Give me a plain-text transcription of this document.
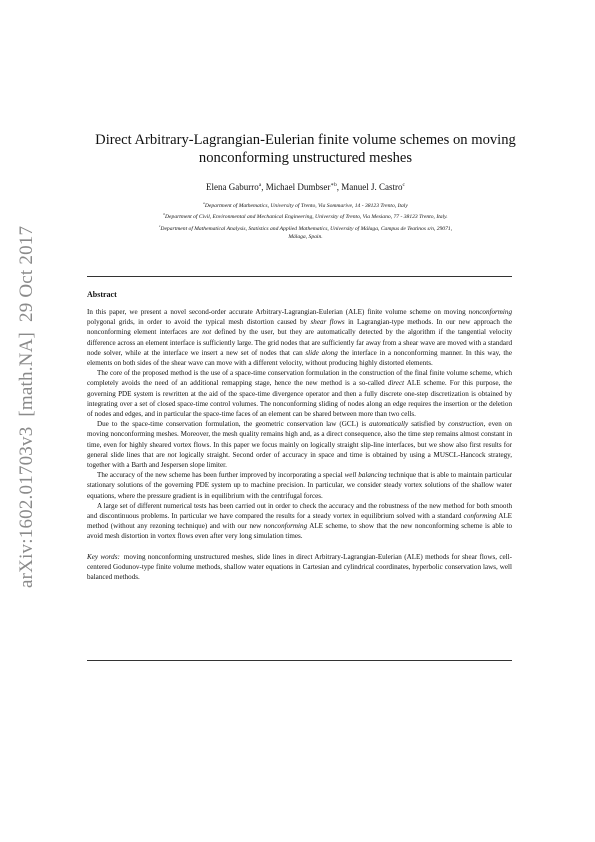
arXiv:1602.01703v3
[math.NA]
29 Oct 2017
Direct Arbitrary-Lagrangian-Eulerian finite volume schemes on moving
nonconforming unstructured meshes
Elena Gaburro$^a$, Michael Dumbser$^{∗b}$, Manuel J. Castro$^c$
$^a$Department of Mathematics, University of Trento, Via Sommarive, 14 - 38123 Trento, Italy
$^b$Department of Civil, Environmental and Mechanical Engineering, University of Trento, Via Mesiano, 77 - 38123 Trento, Italy.
$^c$Department of Mathematical Analysis, Statistics and Applied Mathematics, University of Málaga, Campus de Teatinos s/n, 29071,
Málaga, Spain.
Abstract

In this paper, we present a novel second-order accurate Arbitrary-Lagrangian-Eulerian (ALE) finite volume scheme on moving nonconforming polygonal grids, in order to avoid the typical mesh distortion caused by shear flows in Lagrangian-type methods. In our new approach the nonconforming element interfaces are not defined by the user, but they are automatically detected by the algorithm if the tangential velocity difference across an element interface is sufficiently large. The grid nodes that are sufficiently far away from a shear wave are moved with a standard node solver, while at the interface we insert a new set of nodes that can slide along the interface in a nonconforming manner. In this way, the elements on both sides of the shear wave can move with a different velocity, without producing highly distorted elements.

The core of the proposed method is the use of a space-time conservation formulation in the construction of the final finite volume scheme, which completely avoids the need of an additional remapping stage, hence the new method is a so-called direct ALE scheme. For this purpose, the governing PDE system is rewritten at the aid of the space-time divergence operator and then a fully discrete one-step discretization is obtained by integrating over a set of closed space-time control volumes. The nonconforming sliding of nodes along an edge requires the insertion or the deletion of nodes and edges, and in particular the space-time faces of an element can be shared between more than two cells.

Due to the space-time conservation formulation, the geometric conservation law (GCL) is automatically satisfied by construction, even on moving nonconforming meshes. Moreover, the mesh quality remains high and, as a direct consequence, also the time step remains almost constant in time, even for highly sheared vortex flows. In this paper we focus mainly on logically straight slip-line interfaces, but we show also first results for general slide lines that are not logically straight. Second order of accuracy in space and time is obtained by using a MUSCL-Hancock strategy, together with a Barth and Jespersen slope limiter.

The accuracy of the new scheme has been further improved by incorporating a special well balancing technique that is able to maintain particular stationary solutions of the governing PDE system up to machine precision. In particular, we consider steady vortex solutions of the shallow water equations, where the pressure gradient is in equilibrium with the centrifugal forces.

A large set of different numerical tests has been carried out in order to check the accuracy and the robustness of the new method for both smooth and discontinuous problems. In particular we have compared the results for a steady vortex in equilibrium solved with a standard conforming ALE method (without any rezoning technique) and with our new nonconforming ALE scheme, to show that the new nonconforming scheme is able to avoid mesh distortion in vortex flows even after very long simulation times.

Key words: moving nonconforming unstructured meshes, slide lines in direct Arbitrary-Lagrangian-Eulerian (ALE) methods for shear flows, cell-centered Godunov-type finite volume methods, shallow water equations in Cartesian and cylindrical coordinates, hyperbolic conservation laws, well balanced methods.
